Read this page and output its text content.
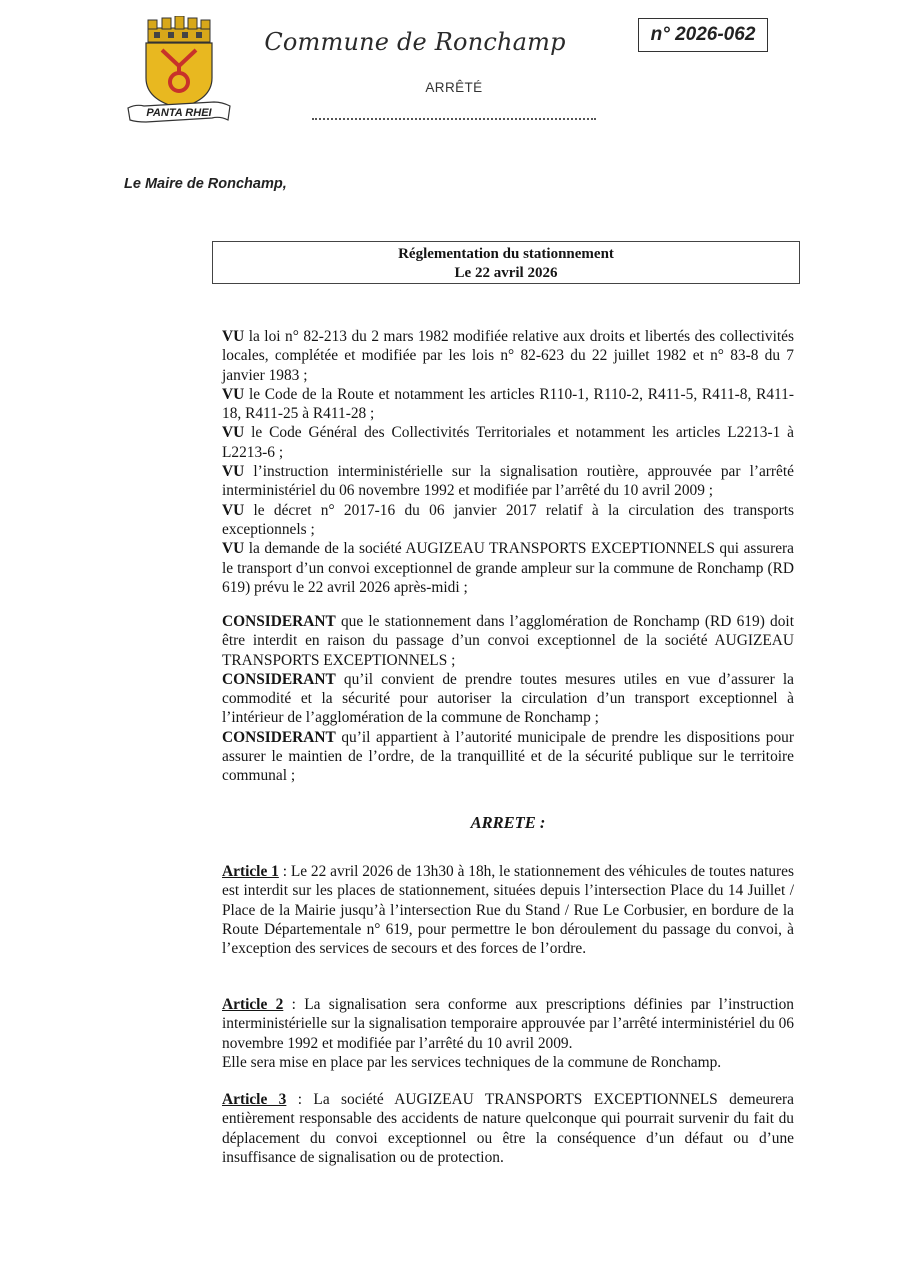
PANTA RHEI
Commune de Ronchamp
ARRÊTÉ
n° 2026-062
Le Maire de Ronchamp,
Réglementation du stationnement
Le 22 avril 2026

VU la loi n° 82-213 du 2 mars 1982 modifiée relative aux droits et libertés des collectivités locales, complétée et modifiée par les lois n° 82-623 du 22 juillet 1982 et n° 83-8 du 7 janvier 1983 ;

VU le Code de la Route et notamment les articles R110-1, R110-2, R411-5, R411-8, R411-18, R411-25 à R411-28 ;

VU le Code Général des Collectivités Territoriales et notamment les articles L2213-1 à L2213-6 ;

VU l’instruction interministérielle sur la signalisation routière, approuvée par l’arrêté interministériel du 06 novembre 1992 et modifiée par l’arrêté du 10 avril 2009 ;

VU le décret n° 2017-16 du 06 janvier 2017 relatif à la circulation des transports exceptionnels ;

VU la demande de la société AUGIZEAU TRANSPORTS EXCEPTIONNELS qui assurera le transport d’un convoi exceptionnel de grande ampleur sur la commune de Ronchamp (RD 619) prévu le 22 avril 2026 après-midi ;

CONSIDERANT que le stationnement dans l’agglomération de Ronchamp (RD 619) doit être interdit en raison du passage d’un convoi exceptionnel de la société AUGIZEAU TRANSPORTS EXCEPTIONNELS ;

CONSIDERANT qu’il convient de prendre toutes mesures utiles en vue d’assurer la commodité et la sécurité pour autoriser la circulation d’un transport exceptionnel à l’intérieur de l’agglomération de la commune de Ronchamp ;

CONSIDERANT qu’il appartient à l’autorité municipale de prendre les dispositions pour assurer le maintien de l’ordre, de la tranquillité et de la sécurité publique sur le territoire communal ;

ARRETE :

Article 1 : Le 22 avril 2026 de 13h30 à 18h, le stationnement des véhicules de toutes natures est interdit sur les places de stationnement, situées depuis l’intersection Place du 14 Juillet / Place de la Mairie jusqu’à l’intersection Rue du Stand / Rue Le Corbusier, en bordure de la Route Départementale n° 619, pour permettre le bon déroulement du passage du convoi, à l’exception des services de secours et des forces de l’ordre.

Article 2 : La signalisation sera conforme aux prescriptions définies par l’instruction interministérielle sur la signalisation temporaire approuvée par l’arrêté interministériel du 06 novembre 1992 et modifiée par l’arrêté du 10 avril 2009.

Elle sera mise en place par les services techniques de la commune de Ronchamp.

Article 3 : La société AUGIZEAU TRANSPORTS EXCEPTIONNELS demeurera entièrement responsable des accidents de nature quelconque qui pourrait survenir du fait du déplacement du convoi exceptionnel ou être la conséquence d’un défaut ou d’une insuffisance de signalisation ou de protection.
